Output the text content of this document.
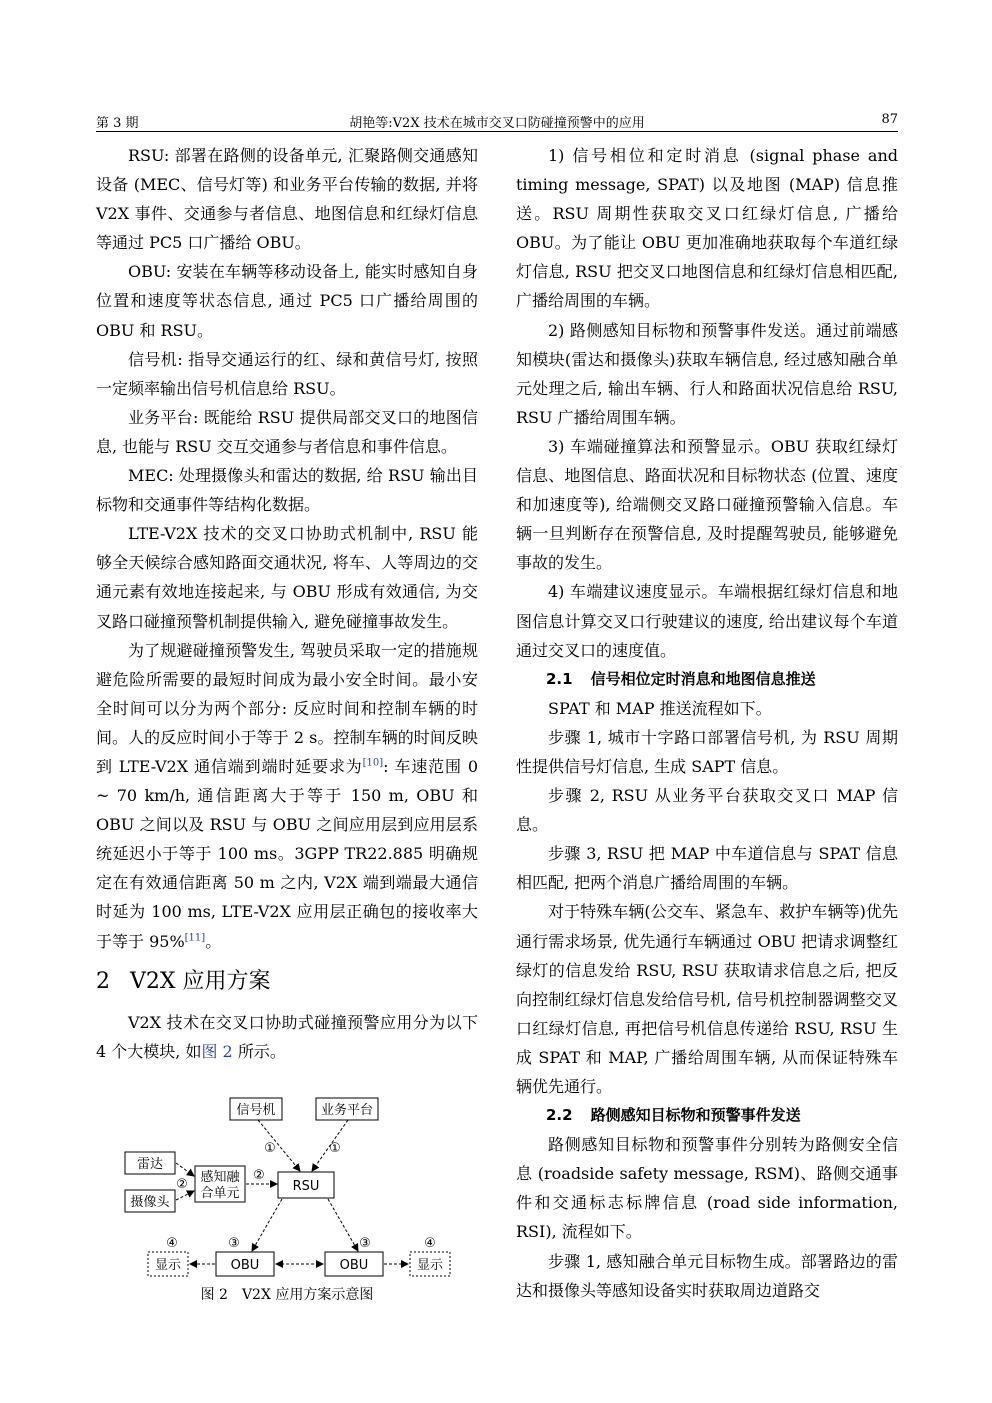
第 3 期	胡艳等:V2X 技术在城市交叉口防碰撞预警中的应用	87

RSU: 部署在路侧的设备单元, 汇聚路侧交通感知设备 (MEC、信号灯等) 和业务平台传输的数据, 并将 V2X 事件、交通参与者信息、地图信息和红绿灯信息等通过 PC5 口广播给 OBU。

OBU: 安装在车辆等移动设备上, 能实时感知自身位置和速度等状态信息, 通过 PC5 口广播给周围的 OBU 和 RSU。

信号机: 指导交通运行的红、绿和黄信号灯, 按照一定频率输出信号机信息给 RSU。

业务平台: 既能给 RSU 提供局部交叉口的地图信息, 也能与 RSU 交互交通参与者信息和事件信息。

MEC: 处理摄像头和雷达的数据, 给 RSU 输出目标物和交通事件等结构化数据。

LTE-V2X 技术的交叉口协助式机制中, RSU 能够全天候综合感知路面交通状况, 将车、人等周边的交通元素有效地连接起来, 与 OBU 形成有效通信, 为交叉路口碰撞预警机制提供输入, 避免碰撞事故发生。

为了规避碰撞预警发生, 驾驶员采取一定的措施规避危险所需要的最短时间成为最小安全时间。最小安全时间可以分为两个部分: 反应时间和控制车辆的时间。人的反应时间小于等于 2 s。控制车辆的时间反映到 LTE-V2X 通信端到端时延要求为[10]: 车速范围 0 ~ 70 km/h, 通信距离大于等于 150 m, OBU 和 OBU 之间以及 RSU 与 OBU 之间应用层到应用层系统延迟小于等于 100 ms。3GPP TR22.885 明确规定在有效通信距离 50 m 之内, V2X 端到端最大通信时延为 100 ms, LTE-V2X 应用层正确包的接收率大于等于 95%[11]。

2 V2X 应用方案

V2X 技术在交叉口协助式碰撞预警应用分为以下 4 个大模块, 如图 2 所示。

信号机	业务平台
雷达
摄像头
感知融
合单元	RSU
OBU	OBU
显示	显示
①	①
②
②
③	③
④	④
图 2　V2X 应用方案示意图

1) 信号相位和定时消息 (signal phase and timing message, SPAT) 以及地图 (MAP) 信息推送。RSU 周期性获取交叉口红绿灯信息, 广播给 OBU。为了能让 OBU 更加准确地获取每个车道红绿灯信息, RSU 把交叉口地图信息和红绿灯信息相匹配, 广播给周围的车辆。

2) 路侧感知目标物和预警事件发送。通过前端感知模块(雷达和摄像头)获取车辆信息, 经过感知融合单元处理之后, 输出车辆、行人和路面状况信息给 RSU, RSU 广播给周围车辆。

3) 车端碰撞算法和预警显示。OBU 获取红绿灯信息、地图信息、路面状况和目标物状态 (位置、速度和加速度等), 给端侧交叉路口碰撞预警输入信息。车辆一旦判断存在预警信息, 及时提醒驾驶员, 能够避免事故的发生。

4) 车端建议速度显示。车端根据红绿灯信息和地图信息计算交叉口行驶建议的速度, 给出建议每个车道通过交叉口的速度值。

2.1 信号相位定时消息和地图信息推送

SPAT 和 MAP 推送流程如下。

步骤 1, 城市十字路口部署信号机, 为 RSU 周期性提供信号灯信息, 生成 SAPT 信息。

步骤 2, RSU 从业务平台获取交叉口 MAP 信息。

步骤 3, RSU 把 MAP 中车道信息与 SPAT 信息相匹配, 把两个消息广播给周围的车辆。

对于特殊车辆(公交车、紧急车、救护车辆等)优先通行需求场景, 优先通行车辆通过 OBU 把请求调整红绿灯的信息发给 RSU, RSU 获取请求信息之后, 把反向控制红绿灯信息发给信号机, 信号机控制器调整交叉口红绿灯信息, 再把信号机信息传递给 RSU, RSU 生成 SPAT 和 MAP, 广播给周围车辆, 从而保证特殊车辆优先通行。

2.2 路侧感知目标物和预警事件发送

路侧感知目标物和预警事件分别转为路侧安全信息 (roadside safety message, RSM)、路侧交通事件和交通标志标牌信息 (road side information, RSI), 流程如下。

步骤 1, 感知融合单元目标物生成。部署路边的雷达和摄像头等感知设备实时获取周边道路交
